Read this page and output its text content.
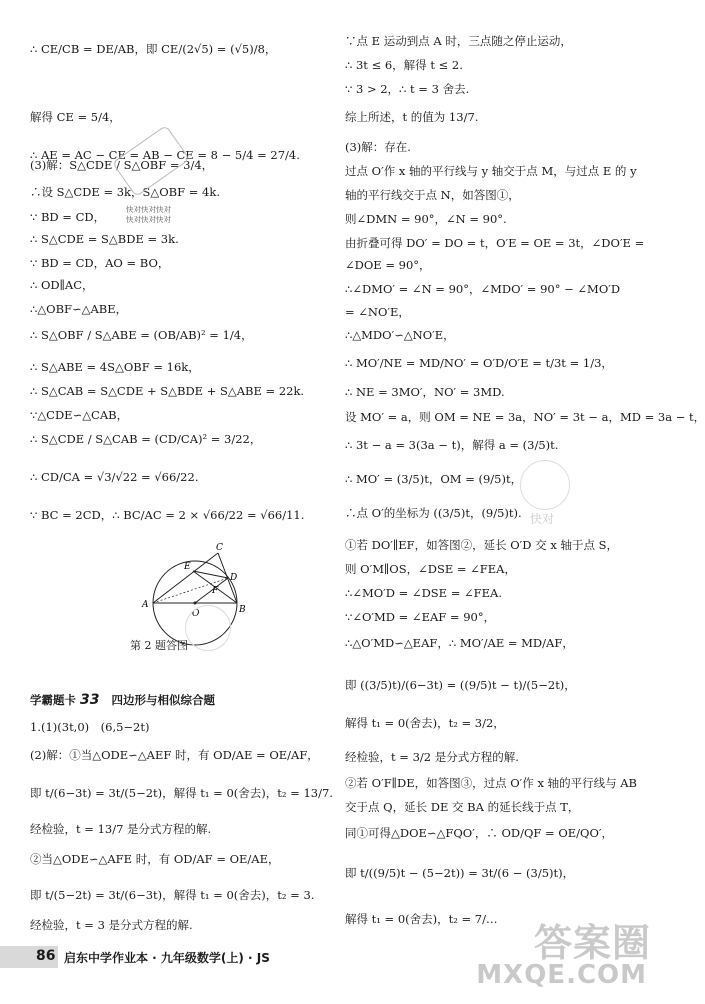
∴ CE/CB = DE/AB，即 CE/(2√5) = (√5)/8，
解得 CE = 5/4，
∴ AE = AC − CE = AB − CE = 8 − 5/4 = 27/4.
(3)解：S△CDE / S△OBF = 3/4，
∴设 S△CDE = 3k，S△OBF = 4k.
∵ BD = CD，
∴ S△CDE = S△BDE = 3k.
∵ BD = CD，AO = BO，
∴ OD∥AC，
∴△OBF∽△ABE，
∴ S△OBF / S△ABE = (OB/AB)² = 1/4，
∴ S△ABE = 4S△OBF = 16k，
∴ S△CAB = S△CDE + S△BDE + S△ABE = 22k.
∵△CDE∽△CAB，
∴ S△CDE / S△CAB = (CD/CA)² = 3/22，
∴ CD/CA = √3/√22 = √66/22.
∵ BC = 2CD，∴ BC/AC = 2 × √66/22 = √66/11.
学霸题卡 33 四边形与相似综合题
1.(1)(3t,0)　(6,5−2t)
(2)解：①当△ODE∽△AEF 时，有 OD/AE = OE/AF，
即 t/(6−3t) = 3t/(5−2t)，解得 t₁ = 0(舍去)，t₂ = 13/7.
经检验，t = 13/7 是分式方程的解.
②当△ODE∽△AFE 时，有 OD/AF = OE/AE，
即 t/(5−2t) = 3t/(6−3t)，解得 t₁ = 0(舍去)，t₂ = 3.
经检验，t = 3 是分式方程的解.
快对快对快对
快对快对快对
A	B
C
D
E
F
O
第 2 题答图
∵点 E 运动到点 A 时，三点随之停止运动，
∴ 3t ≤ 6，解得 t ≤ 2.
∵ 3 > 2，∴ t = 3 舍去.
综上所述，t 的值为 13/7.
(3)解：存在.
过点 O′作 x 轴的平行线与 y 轴交于点 M，与过点 E 的 y
轴的平行线交于点 N，如答图①，
则∠DMN = 90°，∠N = 90°.
由折叠可得 DO′ = DO = t，O′E = OE = 3t，∠DO′E =
∠DOE = 90°，
∴∠DMO′ = ∠N = 90°，∠MDO′ = 90° − ∠MO′D
= ∠NO′E，
∴△MDO′∽△NO′E，
∴ MO′/NE = MD/NO′ = O′D/O′E = t/3t = 1/3，
∴ NE = 3MO′，NO′ = 3MD.
设 MO′ = a，则 OM = NE = 3a，NO′ = 3t − a，MD = 3a − t，
∴ 3t − a = 3(3a − t)，解得 a = (3/5)t.
∴ MO′ = (3/5)t，OM = (9/5)t，
∴点 O′的坐标为 ((3/5)t，(9/5)t).
①若 DO′∥EF，如答图②，延长 O′D 交 x 轴于点 S，
则 O′M∥OS，∠DSE = ∠FEA，
∴∠MO′D = ∠DSE = ∠FEA.
∵∠O′MD = ∠EAF = 90°，
∴△O′MD∽△EAF，∴ MO′/AE = MD/AF，
即 ((3/5)t)/(6−3t) = ((9/5)t − t)/(5−2t)，
解得 t₁ = 0(舍去)，t₂ = 3/2，
经检验，t = 3/2 是分式方程的解.
②若 O′F∥DE，如答图③，过点 O′作 x 轴的平行线与 AB
交于点 Q，延长 DE 交 BA 的延长线于点 T，
同①可得△DOE∽△FQO′，∴ OD/QF = OE/QO′，
即 t/((9/5)t − (5−2t)) = 3t/(6 − (3/5)t)，
解得 t₁ = 0(舍去)，t₂ = 7/…
快对
86 启东中学作业本 · 九年级数学(上) · JS	答案圈
MXQE.COM
